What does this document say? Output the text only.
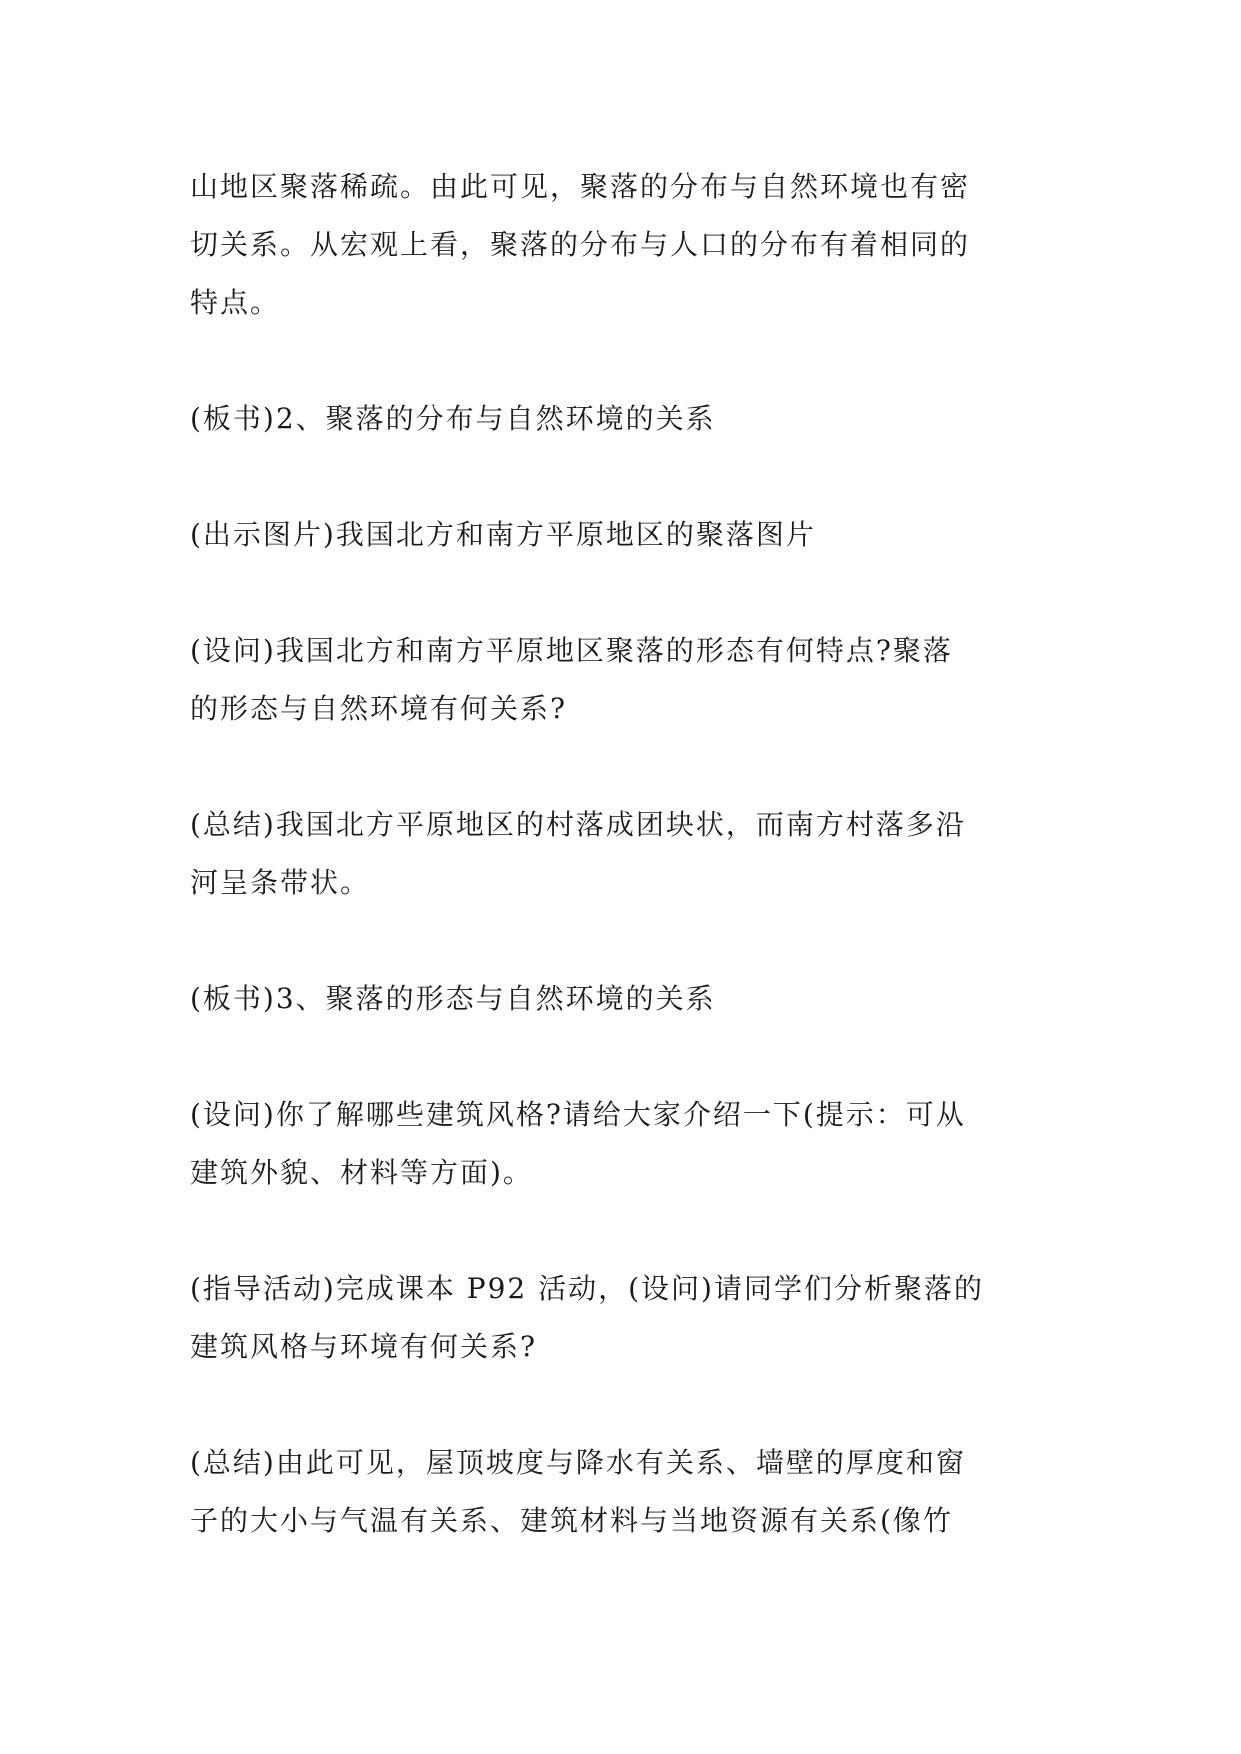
山地区聚落稀疏。由此可见，聚落的分布与自然环境也有密
切关系。从宏观上看，聚落的分布与人口的分布有着相同的
特点。
(板书)2、聚落的分布与自然环境的关系
(出示图片)我国北方和南方平原地区的聚落图片
(设问)我国北方和南方平原地区聚落的形态有何特点?聚落
的形态与自然环境有何关系?
(总结)我国北方平原地区的村落成团块状，而南方村落多沿
河呈条带状。
(板书)3、聚落的形态与自然环境的关系
(设问)你了解哪些建筑风格?请给大家介绍一下(提示：可从
建筑外貌、材料等方面)。
(指导活动)完成课本 P92 活动，(设问)请同学们分析聚落的
建筑风格与环境有何关系?
(总结)由此可见，屋顶坡度与降水有关系、墙壁的厚度和窗
子的大小与气温有关系、建筑材料与当地资源有关系(像竹
